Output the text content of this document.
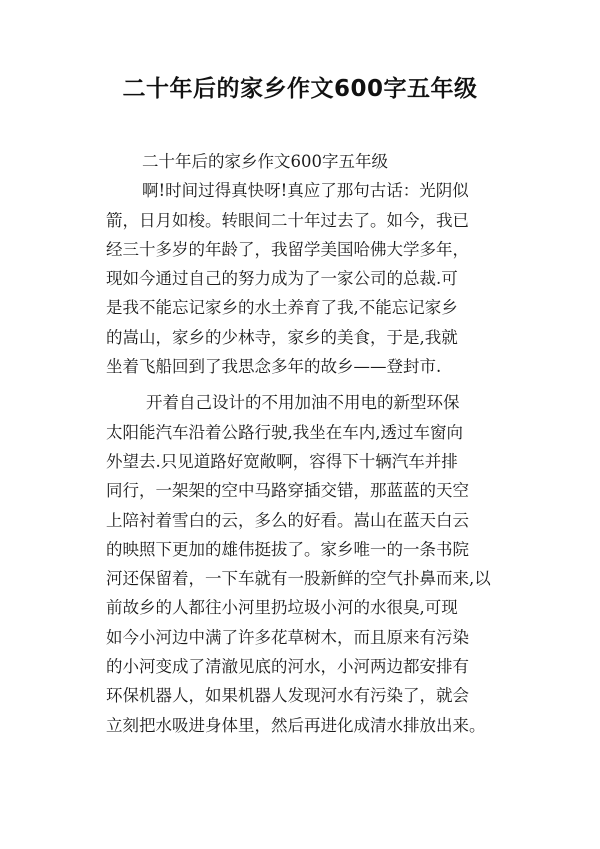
二十年后的家乡作文600字五年级
二十年后的家乡作文600字五年级
啊!时间过得真快呀!真应了那句古话：光阴似
箭，日月如梭。转眼间二十年过去了。如今，我已
经三十多岁的年龄了，我留学美国哈佛大学多年，
现如今通过自己的努力成为了一家公司的总裁.可
是我不能忘记家乡的水土养育了我,不能忘记家乡
的嵩山，家乡的少林寺，家乡的美食，于是,我就
坐着飞船回到了我思念多年的故乡——登封市.
开着自己设计的不用加油不用电的新型环保
太阳能汽车沿着公路行驶,我坐在车内,透过车窗向
外望去.只见道路好宽敞啊，容得下十辆汽车并排
同行，一架架的空中马路穿插交错，那蓝蓝的天空
上陪衬着雪白的云，多么的好看。嵩山在蓝天白云
的映照下更加的雄伟挺拔了。家乡唯一的一条书院
河还保留着，一下车就有一股新鲜的空气扑鼻而来,以
前故乡的人都往小河里扔垃圾小河的水很臭,可现
如今小河边中满了许多花草树木，而且原来有污染
的小河变成了清澈见底的河水，小河两边都安排有
环保机器人，如果机器人发现河水有污染了，就会
立刻把水吸进身体里，然后再进化成清水排放出来。
